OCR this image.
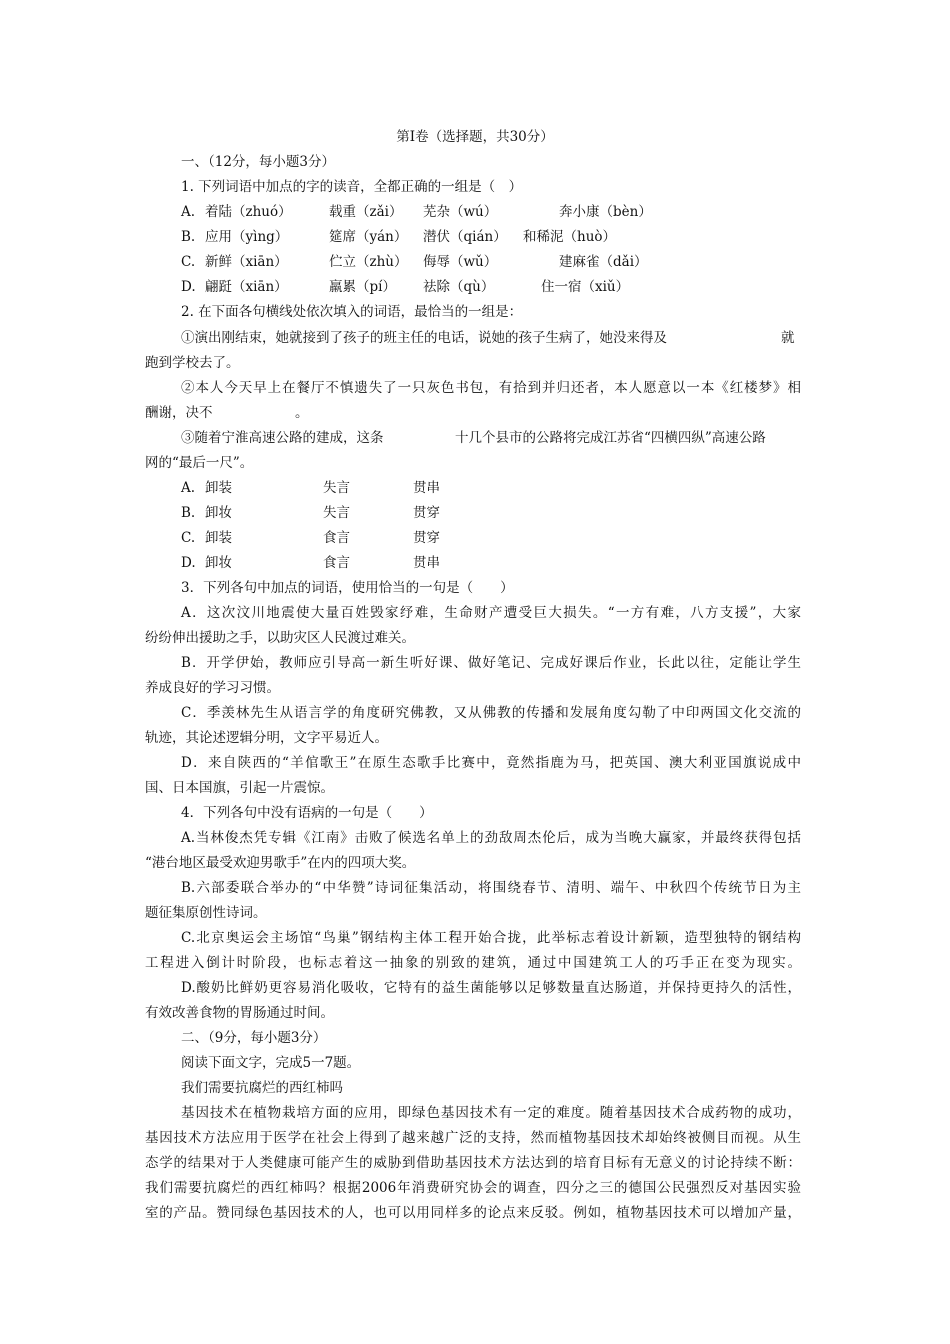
第Ⅰ卷（选择题，共30分）
一、（12分，每小题3分）
1. 下列词语中加点的字的读音，全都正确的一组是（　）
A. 着陆（zhuó）	载重（zǎi） 芜杂（wú）	奔小康（bèn）
B. 应用（yìng）	筵席（yán） 潜伏（qián） 和稀泥（huò）
C. 新鲜（xiān）	伫立（zhù） 侮辱（wǔ）	建麻雀（dǎi）
D. 翩跹（xiān）	羸累（pí） 祛除（qù）	住一宿（xiǔ）
2. 在下面各句横线处依次填入的词语，最恰当的一组是：
①演出刚结束，她就接到了孩子的班主任的电话，说她的孩子生病了，她没来得及	就
跑到学校去了。
②本人今天早上在餐厅不慎遗失了一只灰色书包，有拾到并归还者，本人愿意以一本《红楼梦》相
酬谢，决不	。
③随着宁淮高速公路的建成，这条	十几个县市的公路将完成江苏省“四横四纵”高速公路
网的“最后一尺”。
A. 卸装	失言	贯串
B. 卸妆	失言	贯穿
C. 卸装	食言	贯穿
D. 卸妆	食言	贯串
3．下列各句中加点的词语，使用恰当的一句是（　　）
A．这次汶川地震使大量百姓毁家纾难，生命财产遭受巨大损失。“一方有难，八方支援”，大家
纷纷伸出援助之手，以助灾区人民渡过难关。
B．开学伊始，教师应引导高一新生听好课、做好笔记、完成好课后作业，长此以往，定能让学生
养成良好的学习习惯。
C．季羡林先生从语言学的角度研究佛教，又从佛教的传播和发展角度勾勒了中印两国文化交流的
轨迹，其论述逻辑分明，文字平易近人。
D．来自陕西的“羊倌歌王”在原生态歌手比赛中，竟然指鹿为马，把英国、澳大利亚国旗说成中
国、日本国旗，引起一片震惊。
4．下列各句中没有语病的一句是（　　）
A.当林俊杰凭专辑《江南》击败了候选名单上的劲敌周杰伦后，成为当晚大赢家，并最终获得包括
“港台地区最受欢迎男歌手”在内的四项大奖。
B.六部委联合举办的“中华赞”诗词征集活动，将围绕春节、清明、端午、中秋四个传统节日为主
题征集原创性诗词。
C.北京奥运会主场馆“鸟巢”钢结构主体工程开始合拢，此举标志着设计新颖，造型独特的钢结构
工程进入倒计时阶段，也标志着这一抽象的别致的建筑，通过中国建筑工人的巧手正在变为现实。
D.酸奶比鲜奶更容易消化吸收，它特有的益生菌能够以足够数量直达肠道，并保持更持久的活性，
有效改善食物的胃肠通过时间。
二、（9分，每小题3分）
阅读下面文字，完成5一7题。
我们需要抗腐烂的西红柿吗
基因技术在植物栽培方面的应用，即绿色基因技术有一定的难度。随着基因技术合成药物的成功，
基因技术方法应用于医学在社会上得到了越来越广泛的支持，然而植物基因技术却始终被侧目而视。从生
态学的结果对于人类健康可能产生的威胁到借助基因技术方法达到的培育目标有无意义的讨论持续不断：
我们需要抗腐烂的西红柿吗？根据2006年消费研究协会的调查，四分之三的德国公民强烈反对基因实验
室的产品。赞同绿色基因技术的人，也可以用同样多的论点来反驳。例如，植物基因技术可以增加产量，
